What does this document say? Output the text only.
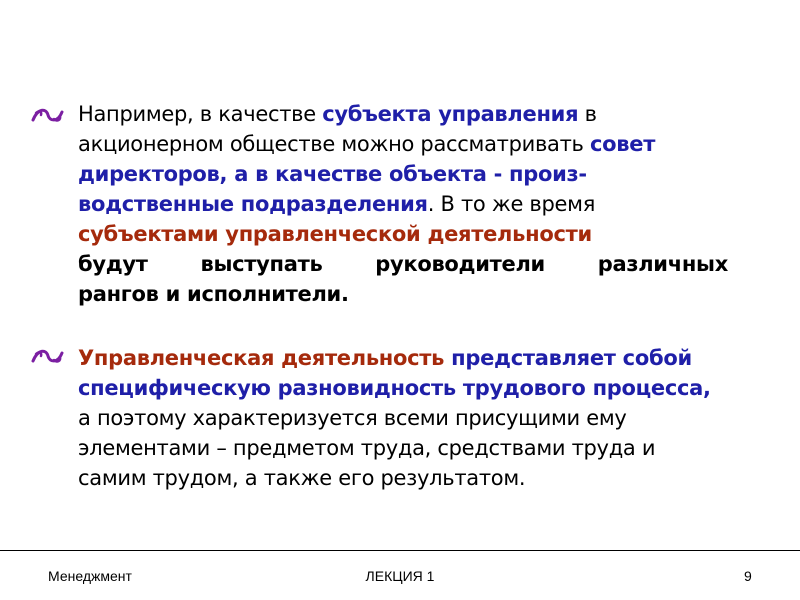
Например, в качестве субъекта управления в акционерном обществе можно рассматривать совет директоров, а в качестве объекта - произ-водственные подразделения. В то же время субъектами управленческой деятельности
будут выступать руководители различных
рангов и исполнители.
Управленческая деятельность представляет собой специфическую разновидность трудового процесса, а поэтому характеризуется всеми присущими ему элементами – предметом труда, средствами труда и самим трудом, а также его результатом.
Менеджмент	ЛЕКЦИЯ 1	9
